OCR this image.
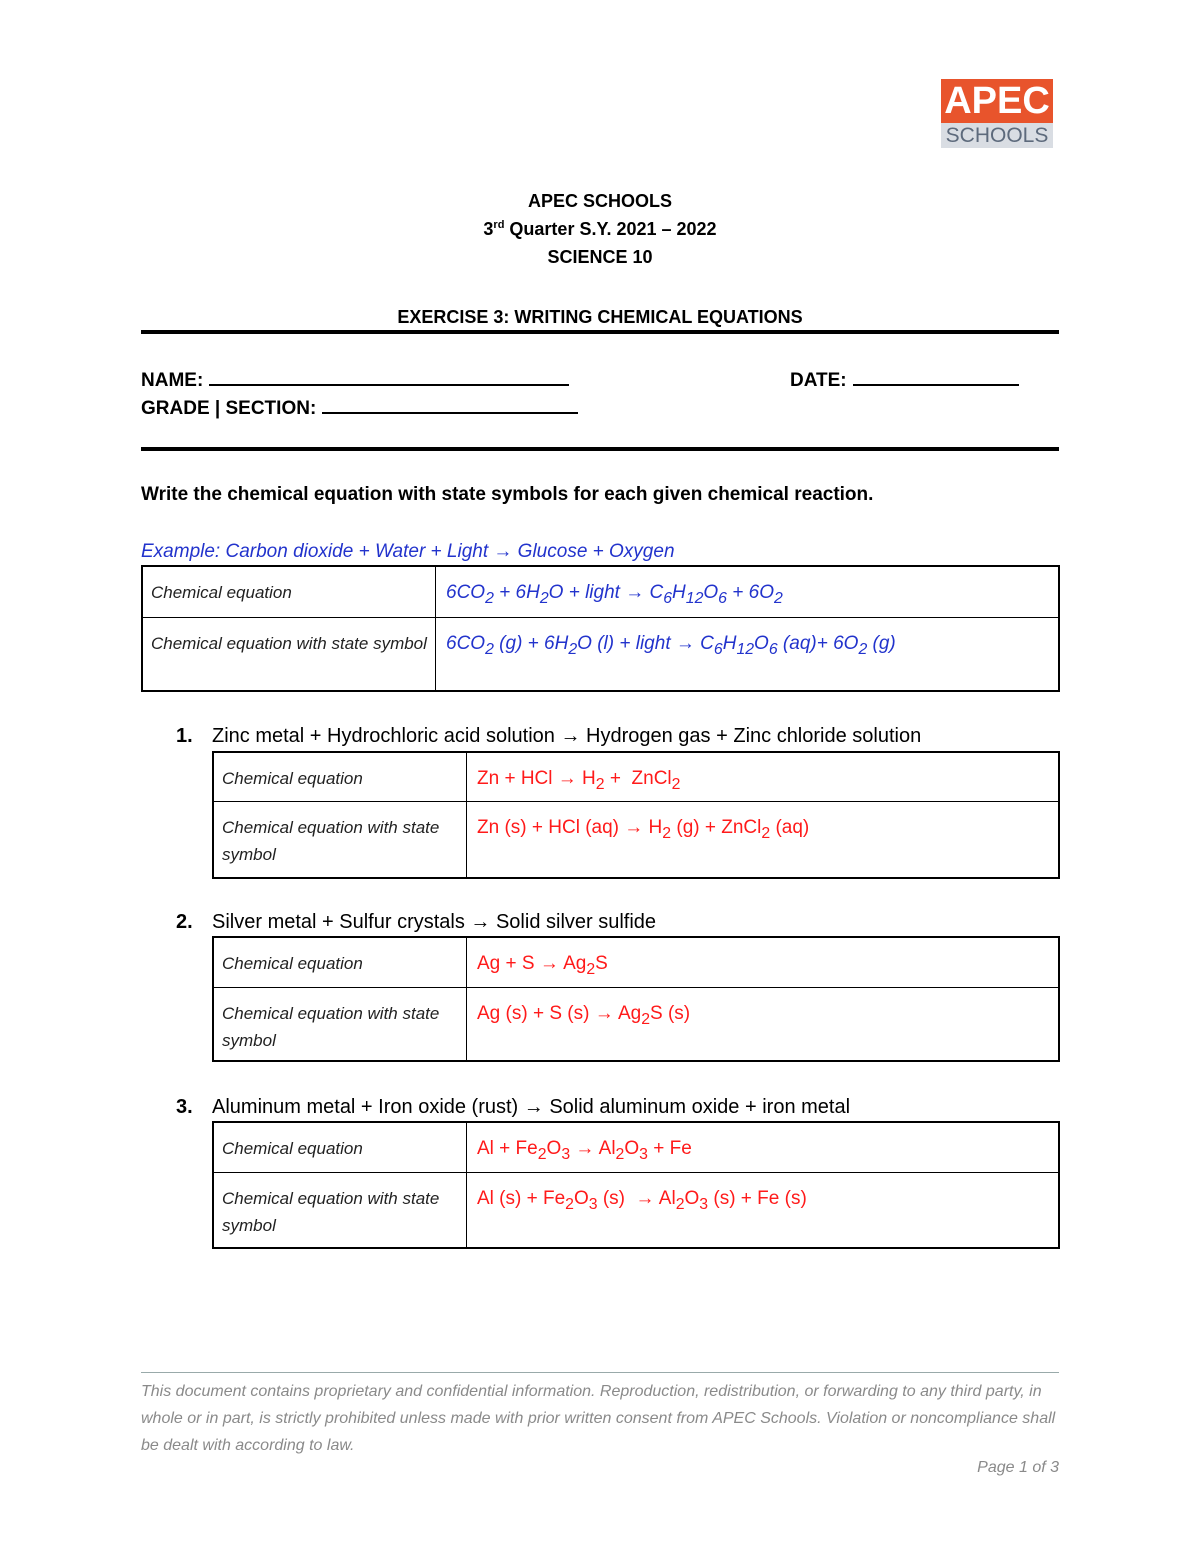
APEC
SCHOOLS
APEC SCHOOLS
3rd Quarter S.Y. 2021 – 2022
SCIENCE 10
EXERCISE 3: WRITING CHEMICAL EQUATIONS
NAME:	DATE:
GRADE | SECTION:
Write the chemical equation with state symbols for each given chemical reaction.
Example: Carbon dioxide + Water + Light → Glucose + Oxygen
Chemical equation	$6CO_2 + 6H_2O$ + light → $C_6H_{12}O_6 + 6O_2$
Chemical equation with state symbol	$6CO_2$ $(g) + 6H_2O$ (l) + light → $C_6H_{12}O_6$ $(aq)+ 6O_2$ (g)
1. Zinc metal + Hydrochloric acid solution → Hydrogen gas + Zinc chloride solution
Chemical equation	Zn + HCl → $H_2$ +  ZnCl$_2$
Chemical equation with state symbol	Zn (s) + HCl $(aq) \to H_2$ (g) + ZnCl$_2$ (aq)
2. Silver metal + Sulfur crystals → Solid silver sulfide
Chemical equation	$Ag + S \to Ag_2S$
Chemical equation with state symbol	Ag (s) + S $(s) \to Ag_2S$ (s)
3. Aluminum metal + Iron oxide (rust) → Solid aluminum oxide + iron metal
Chemical equation	$Al + Fe_2O_3 \to Al_2O_3 + Fe$
Chemical equation with state symbol	Al $(s) + Fe_2O_3$ $(s) \to Al_2O_3$ (s) + Fe (s)
This document contains proprietary and confidential information. Reproduction, redistribution, or forwarding to any third party, in whole or in part, is strictly prohibited unless made with prior written consent from APEC Schools. Violation or noncompliance shall be dealt with according to law.
Page 1 of 3
